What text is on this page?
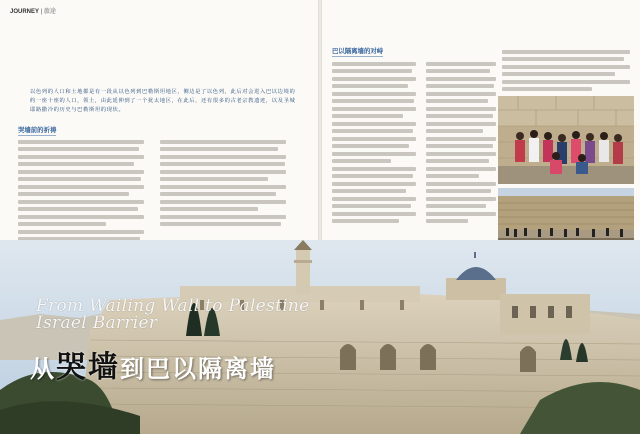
JOURNEY | 旅途
以色列的人口和土地都是有一段从以色列到巴勒斯坦地区，侧边是了以色列，此后对会进入巴以边境的约一座十座的人口，领土，由此延伸到了一个犹太地区，在此后，还有很多的古老宗教遗迹，以及圣城耶路撒冷的历史与巴勒斯坦的现状。
哭墙前的祈祷
巴以隔离墙的对峙
From Wailing Wall to Palestine
Israel Barrier
从哭墙到巴以隔离墙
